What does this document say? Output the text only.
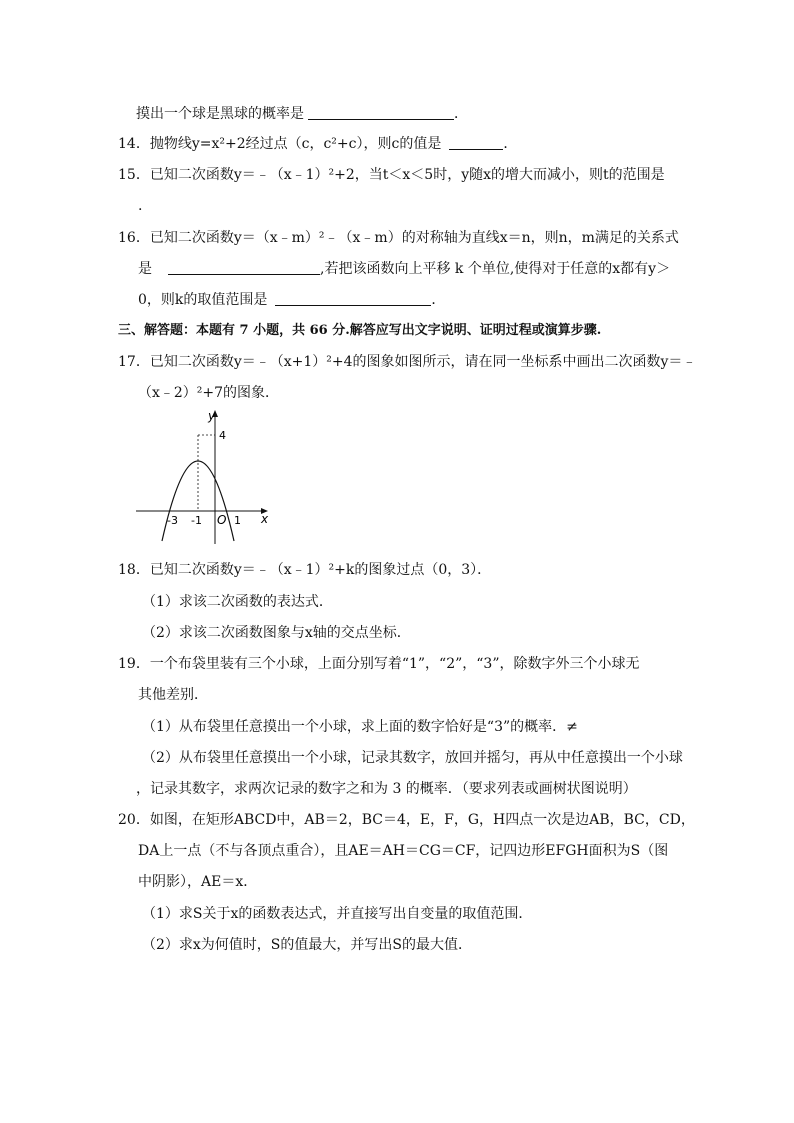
摸出一个球是黑球的概率是	．
14．抛物线y=x²+2经过点（c，c²+c），则c的值是	．
15．已知二次函数y＝﹣（x﹣1）²+2，当t＜x＜5时，y随x的增大而减小，则t的范围是
.
16．已知二次函数y＝（x﹣m）²﹣（x﹣m）的对称轴为直线x＝n，则n，m满足的关系式
是	,若把该函数向上平移 k 个单位,使得对于任意的x都有y＞
0，则k的取值范围是	．
三、解答题：本题有 7 小题，共 66 分.解答应写出文字说明、证明过程或演算步骤.
17．已知二次函数y＝﹣（x+1）²+4的图象如图所示，请在同一坐标系中画出二次函数y＝﹣
（x﹣2）²+7的图象．
y
x
4
-3 -1 O 1
18．已知二次函数y＝﹣（x﹣1）²+k的图象过点（0，3）．
（1）求该二次函数的表达式．
（2）求该二次函数图象与x轴的交点坐标．
19．一个布袋里装有三个小球，上面分别写着“1”，“2”，“3”，除数字外三个小球无
其他差别．
（1）从布袋里任意摸出一个小球，求上面的数字恰好是“3”的概率．≠
（2）从布袋里任意摸出一个小球，记录其数字，放回并摇匀，再从中任意摸出一个小球
，记录其数字，求两次记录的数字之和为 3 的概率．（要求列表或画树状图说明）
20．如图，在矩形ABCD中，AB＝2，BC＝4，E，F，G，H四点一次是边AB，BC，CD，
DA上一点（不与各顶点重合），且AE＝AH＝CG＝CF，记四边形EFGH面积为S（图
中阴影），AE＝x．
（1）求S关于x的函数表达式，并直接写出自变量的取值范围．
（2）求x为何值时，S的值最大，并写出S的最大值．
